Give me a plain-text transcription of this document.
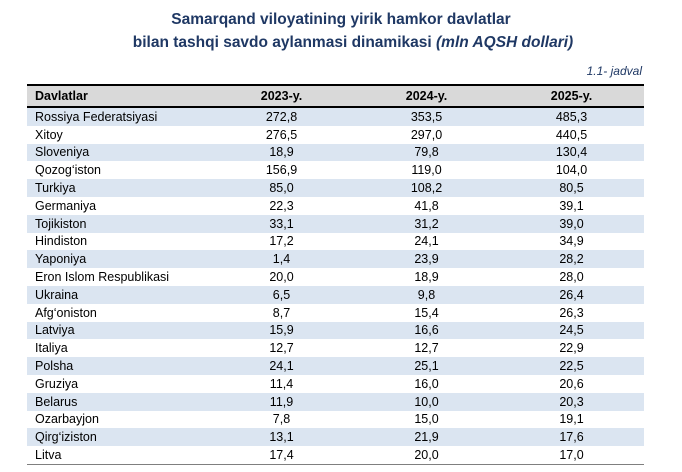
Samarqand viloyatining yirik hamkor davlatlar
bilan tashqi savdo aylanmasi dinamikasi (mln AQSH dollari)
1.1- jadval
Davlatlar	2023-y.	2024-y.	2025-y.
Rossiya Federatsiyasi	272,8	353,5	485,3
Xitoy	276,5	297,0	440,5
Sloveniya	18,9	79,8	130,4
Qozog‘iston	156,9	119,0	104,0
Turkiya	85,0	108,2	80,5
Germaniya	22,3	41,8	39,1
Tojikiston	33,1	31,2	39,0
Hindiston	17,2	24,1	34,9
Yaponiya	1,4	23,9	28,2
Eron Islom Respublikasi	20,0	18,9	28,0
Ukraina	6,5	9,8	26,4
Afg‘oniston	8,7	15,4	26,3
Latviya	15,9	16,6	24,5
Italiya	12,7	12,7	22,9
Polsha	24,1	25,1	22,5
Gruziya	11,4	16,0	20,6
Belarus	11,9	10,0	20,3
Ozarbayjon	7,8	15,0	19,1
Qirg‘iziston	13,1	21,9	17,6
Litva	17,4	20,0	17,0
